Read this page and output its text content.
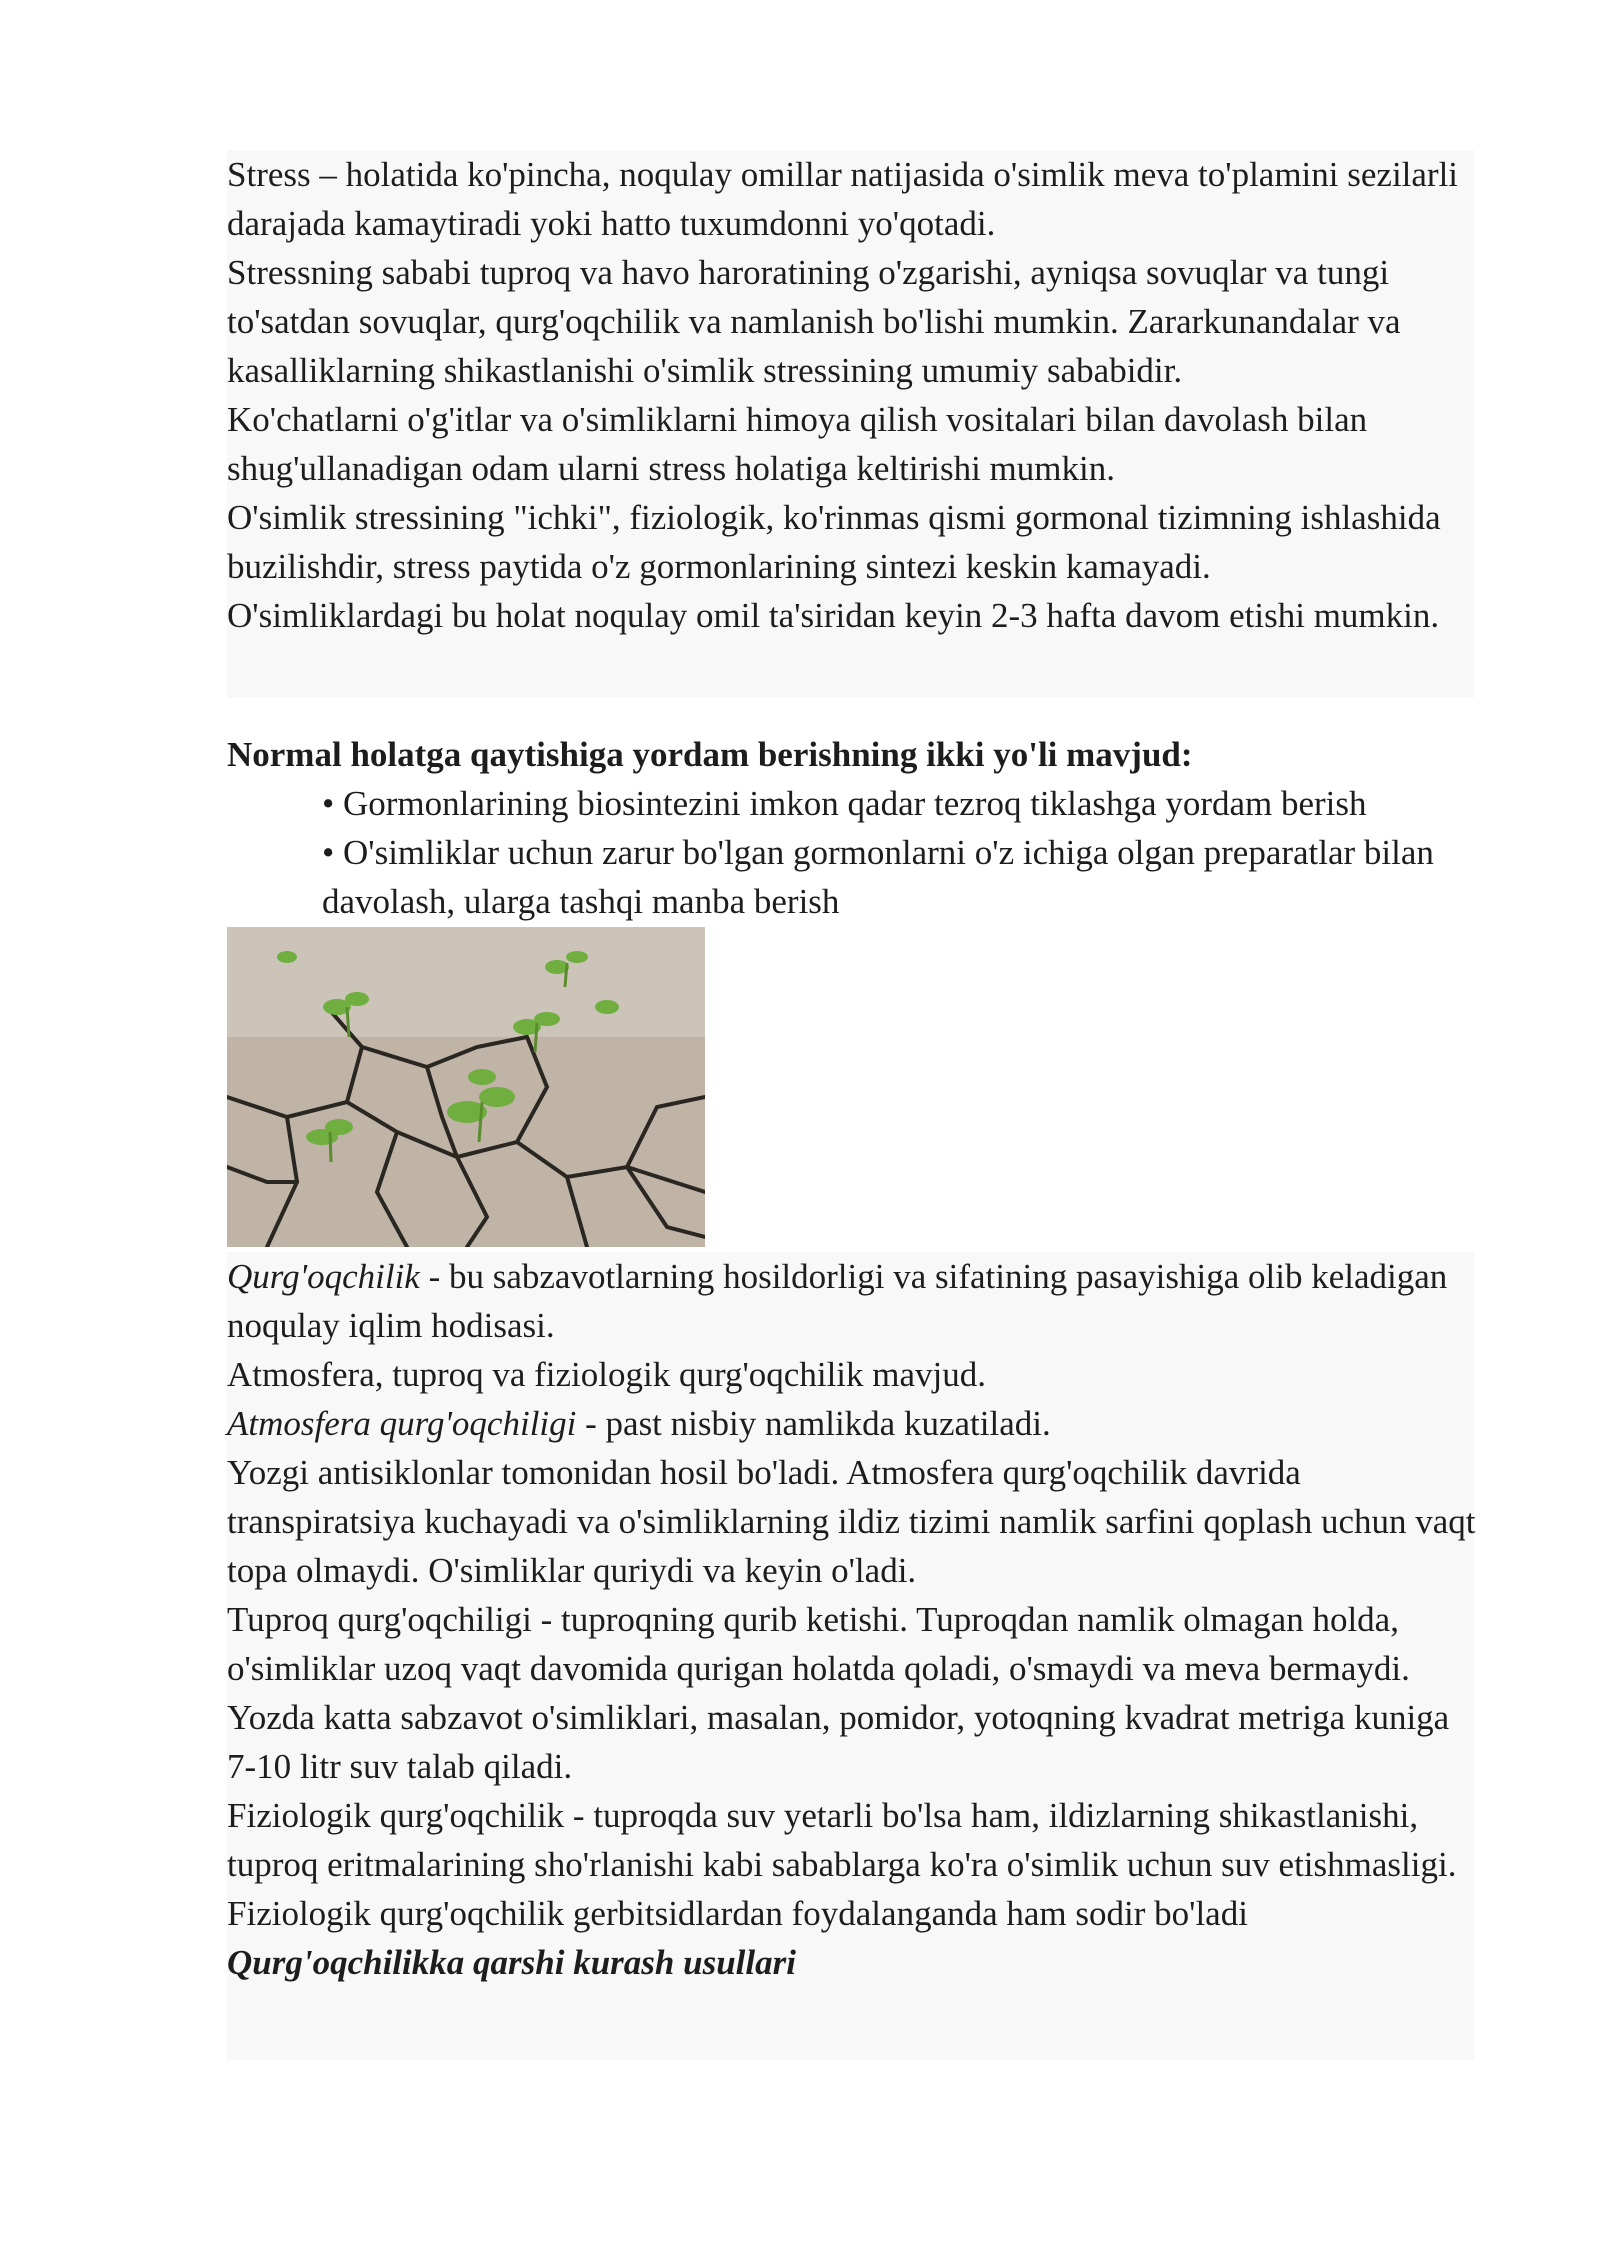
Stress – holatida ko'pincha, noqulay omillar natijasida o'simlik meva to'plamini sezilarli darajada kamaytiradi yoki hatto tuxumdonni yo'qotadi.

Stressning sababi tuproq va havo haroratining o'zgarishi, ayniqsa sovuqlar va tungi to'satdan sovuqlar, qurg'oqchilik va namlanish bo'lishi mumkin. Zararkunandalar va kasalliklarning shikastlanishi o'simlik stressining umumiy sababidir.

Ko'chatlarni o'g'itlar va o'simliklarni himoya qilish vositalari bilan davolash bilan shug'ullanadigan odam ularni stress holatiga keltirishi mumkin.

O'simlik stressining "ichki", fiziologik, ko'rinmas qismi gormonal tizimning ishlashida buzilishdir, stress paytida o'z gormonlarining sintezi keskin kamayadi.

O'simliklardagi bu holat noqulay omil ta'siridan keyin 2-3 hafta davom etishi mumkin.

Normal holatga qaytishiga yordam berishning ikki yo'li mavjud:

• Gormonlarining biosintezini imkon qadar tezroq tiklashga yordam berish
• O'simliklar uchun zarur bo'lgan gormonlarni o'z ichiga olgan preparatlar bilan davolash, ularga tashqi manba berish

Qurg'oqchilik - bu sabzavotlarning hosildorligi va sifatining pasayishiga olib keladigan noqulay iqlim hodisasi.

Atmosfera, tuproq va fiziologik qurg'oqchilik mavjud.

Atmosfera qurg'oqchiligi - past nisbiy namlikda kuzatiladi.

Yozgi antisiklonlar tomonidan hosil bo'ladi. Atmosfera qurg'oqchilik davrida transpiratsiya kuchayadi va o'simliklarning ildiz tizimi namlik sarfini qoplash uchun vaqt topa olmaydi. O'simliklar quriydi va keyin o'ladi.

Tuproq qurg'oqchiligi - tuproqning qurib ketishi. Tuproqdan namlik olmagan holda, o'simliklar uzoq vaqt davomida qurigan holatda qoladi, o'smaydi va meva bermaydi. Yozda katta sabzavot o'simliklari, masalan, pomidor, yotoqning kvadrat metriga kuniga 7-10 litr suv talab qiladi.

Fiziologik qurg'oqchilik - tuproqda suv yetarli bo'lsa ham, ildizlarning shikastlanishi, tuproq eritmalarining sho'rlanishi kabi sabablarga ko'ra o'simlik uchun suv etishmasligi. Fiziologik qurg'oqchilik gerbitsidlardan foydalanganda ham sodir bo'ladi

Qurg'oqchilikka qarshi kurash usullari
